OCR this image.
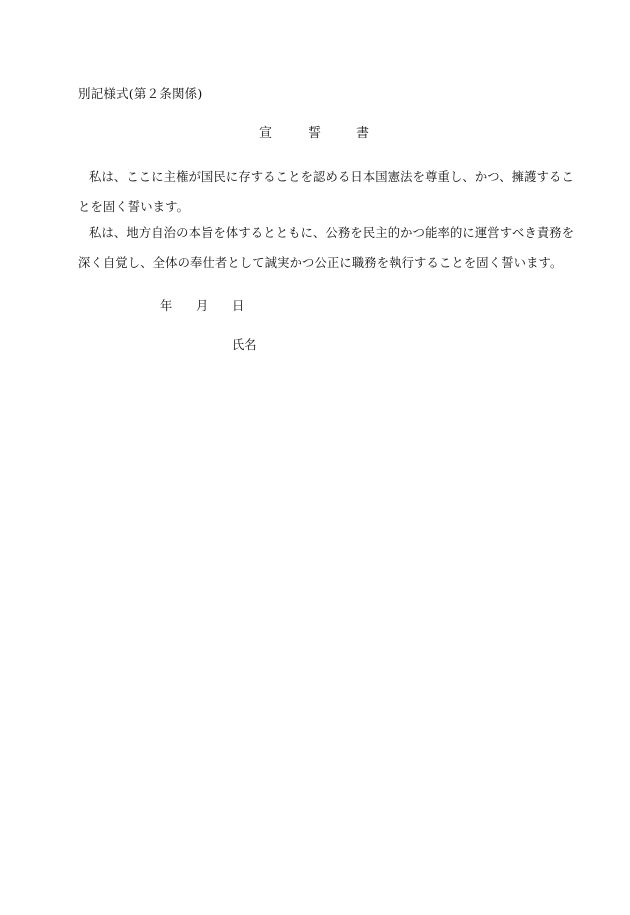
別記様式(第２条関係)
宣	誓	書
私は、ここに主権が国民に存することを認める日本国憲法を尊重し、かつ、擁護するこ
とを固く誓います。
私は、地方自治の本旨を体するとともに、公務を民主的かつ能率的に運営すべき責務を
深く自覚し、全体の奉仕者として誠実かつ公正に職務を執行することを固く誓います。
年 月 日
氏名
